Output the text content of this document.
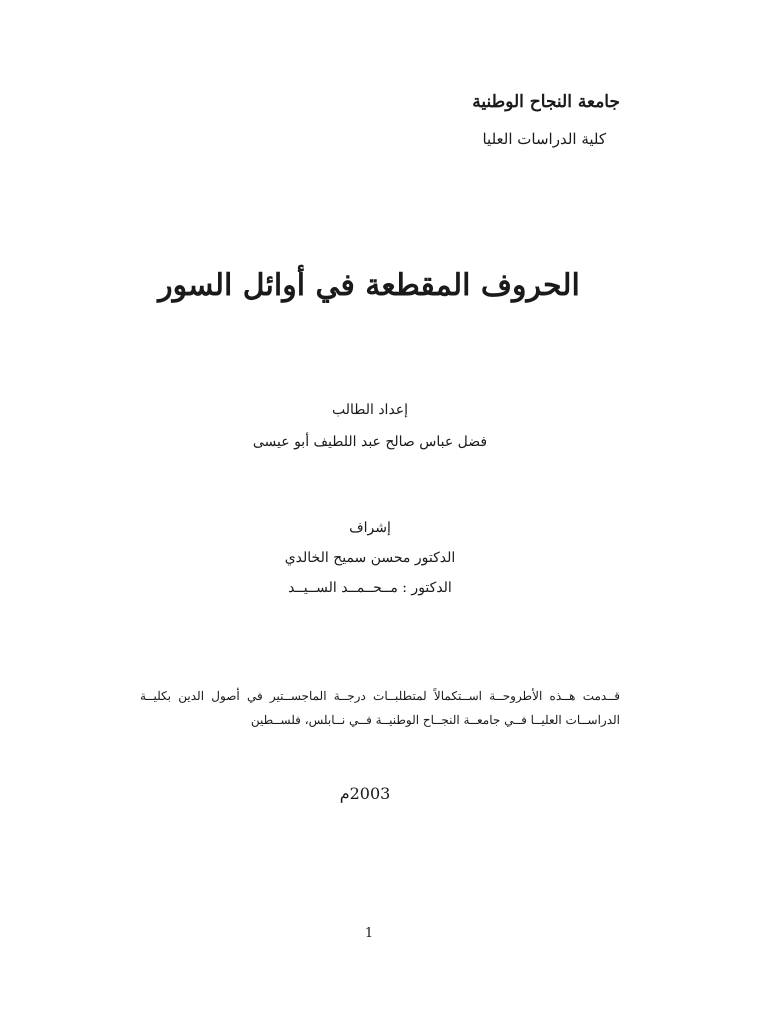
جامعة النجاح الوطنية

كلية الدراسات العليا

الحروف المقطعة في أوائل السور

إعداد الطالب

فضل عباس صالح عبد اللطيف أبو عيسى

إشراف

الدكتور محسن سميح الخالدي

الدكتور : مــحــمــد الســيــد

قــدمت هــذه الأطروحــة اســتكمالاً لمتطلبــات درجــة الماجســتير في أصول الدين بكليــة الدراســات العليــا فــي جامعــة النجــاح الوطنيــة فــي نــابلس، فلســطين

2003م

1
